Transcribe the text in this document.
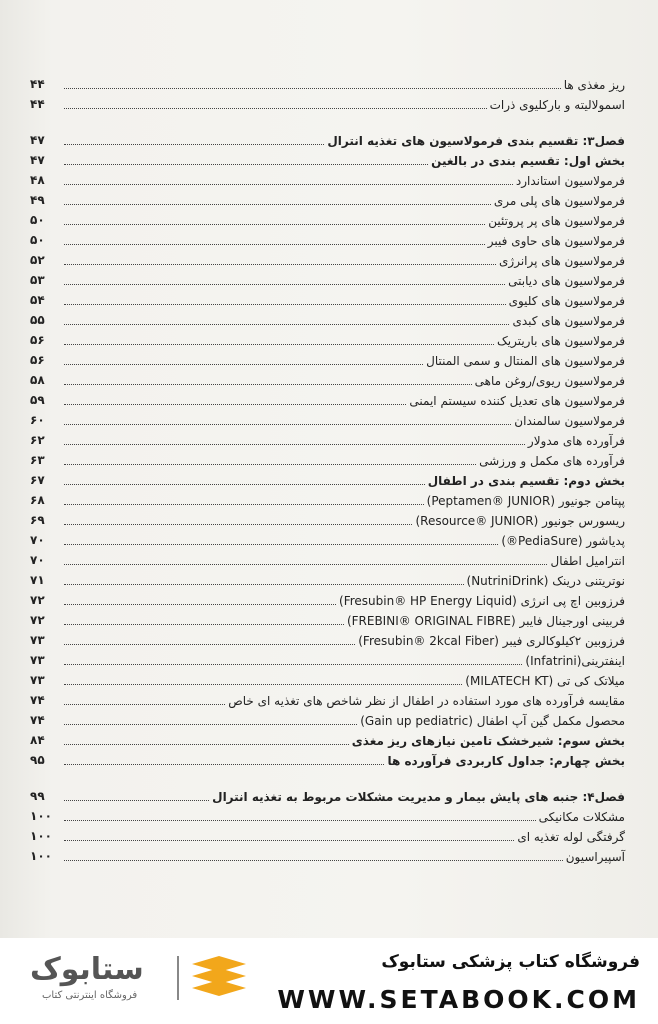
ریز مغذی ها
۴۴
اسمولالیته و بارکلیوی ذرات
۴۴
فصل۳: تقسیم بندی فرمولاسیون های تغذیه انترال
۴۷
بخش اول: تقسیم بندی در بالغین
۴۷
فرمولاسیون استاندارد
۴۸
فرمولاسیون های پلی مری
۴۹
فرمولاسیون های پر پروتئین
۵۰
فرمولاسیون های حاوی فیبر
۵۰
فرمولاسیون های پرانرژی
۵۲
فرمولاسیون های دیابتی
۵۳
فرمولاسیون های کلیوی
۵۴
فرمولاسیون های کبدی
۵۵
فرمولاسیون های باریتریک
۵۶
فرمولاسیون های المنتال و سمی المنتال
۵۶
فرمولاسیون ریوی/روغن ماهی
۵۸
فرمولاسیون های تعدیل کننده سیستم ایمنی
۵۹
فرمولاسیون سالمندان
۶۰
فرآورده های مدولار
۶۲
فرآورده های مکمل و ورزشی
۶۳
بخش دوم: تقسیم بندی در اطفال
۶۷
پپتامن جونیور (Peptamen® JUNIOR)
۶۸
ریسورس جونیور (Resource® JUNIOR)
۶۹
پدیاشور (PediaSure®)
۷۰
انترامیل اطفال
۷۰
نوتریتنی درینک (NutriniDrink)
۷۱
فرزوبین اچ پی انرژی (Fresubin® HP Energy Liquid)
۷۲
فربینی اورجینال فایبر (FREBINI® ORIGINAL FIBRE)
۷۲
فرزوبین ۲کیلوکالری فیبر (Fresubin® 2kcal Fiber)
۷۳
اینفترینی(Infatrini)
۷۳
میلاتک کی تی (MILATECH KT)
۷۳
مقایسه فرآورده های مورد استفاده در اطفال از نظر شاخص های تغذیه ای خاص
۷۴
محصول مکمل گین آپ اطفال (Gain up pediatric)
۷۴
بخش سوم: شیرخشک تامین نیازهای ریز مغذی
۸۴
بخش چهارم: جداول کاربردی فرآورده ها
۹۵
فصل۴: جنبه های پایش بیمار و مدیریت مشکلات مربوط به تغذیه انترال
۹۹
مشکلات مکانیکی
۱۰۰
گرفتگی لوله تغذیه ای
۱۰۰
آسپیراسیون
۱۰۰
فروشگاه کتاب پزشکی ستابوک
WWW.SETABOOK.COM
ستابوک
فروشگاه اینترنتی کتاب
